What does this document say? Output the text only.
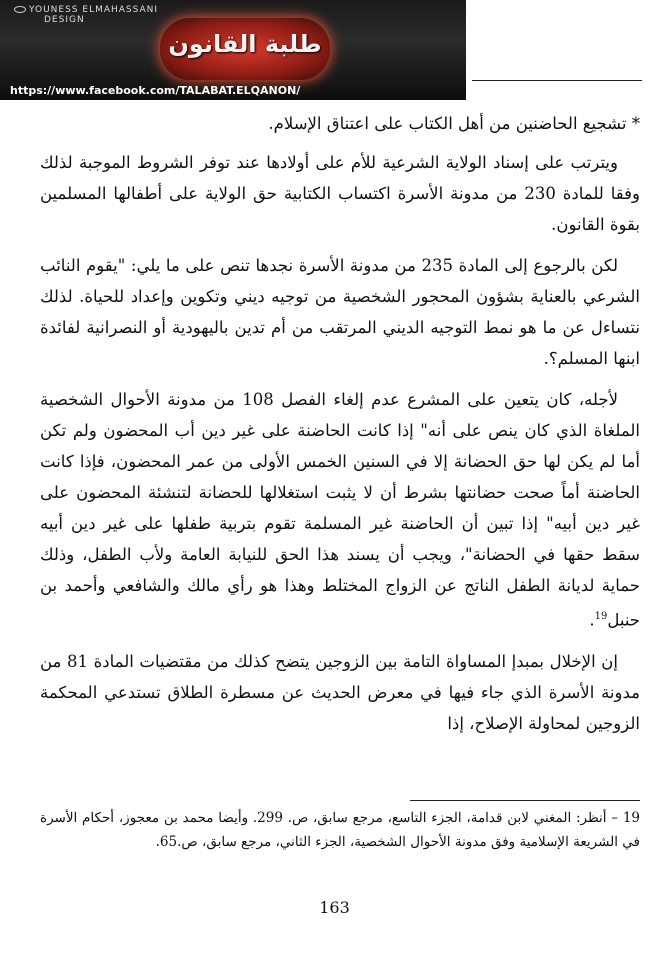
YOUNESS ELMAHASSANI
DESIGN
طلبة القانون
https://www.facebook.com/TALABAT.ELQANON/

* تشجيع الحاضنين من أهل الكتاب على اعتناق الإسلام.

ويترتب على إسناد الولاية الشرعية للأم على أولادها عند توفر الشروط الموجبة لذلك وفقا للمادة 230 من مدونة الأسرة اكتساب الكتابية حق الولاية على أطفالها المسلمين بقوة القانون.

لكن بالرجوع إلى المادة 235 من مدونة الأسرة نجدها تنص على ما يلي: "يقوم النائب الشرعي بالعناية بشؤون المحجور الشخصية من توجيه ديني وتكوين وإعداد للحياة. لذلك نتساءل عن ما هو نمط التوجيه الديني المرتقب من أم تدين باليهودية أو النصرانية لفائدة ابنها المسلم؟.

لأجله، كان يتعين على المشرع عدم إلغاء الفصل 108 من مدونة الأحوال الشخصية الملغاة الذي كان ينص على أنه" إذا كانت الحاضنة على غير دين أب المحضون ولم تكن أما لم يكن لها حق الحضانة إلا في السنين الخمس الأولى من عمر المحضون، فإذا كانت الحاضنة أماً صحت حضانتها بشرط أن لا يثبت استغلالها للحضانة لتنشئة المحضون على غير دين أبيه" إذا تبين أن الحاضنة غير المسلمة تقوم بتربية طفلها على غير دين أبيه سقط حقها في الحضانة"، ويجب أن يسند هذا الحق للنيابة العامة ولأب الطفل، وذلك حماية لديانة الطفل الناتج عن الزواج المختلط وهذا هو رأي مالك والشافعي وأحمد بن حنبل$^{19}$.

إن الإخلال بمبدإ المساواة التامة بين الزوجين يتضح كذلك من مقتضيات المادة 81 من مدونة الأسرة الذي جاء فيها في معرض الحديث عن مسطرة الطلاق تستدعي المحكمة الزوجين لمحاولة الإصلاح، إذا

19 – أنظر: المغني لابن قدامة، الجزء التاسع، مرجع سابق، ص. 299. وأيضا محمد بن معجوز، أحكام الأسرة في الشريعة الإسلامية وفق مدونة الأحوال الشخصية، الجزء الثاني، مرجع سابق، ص.65.
163
